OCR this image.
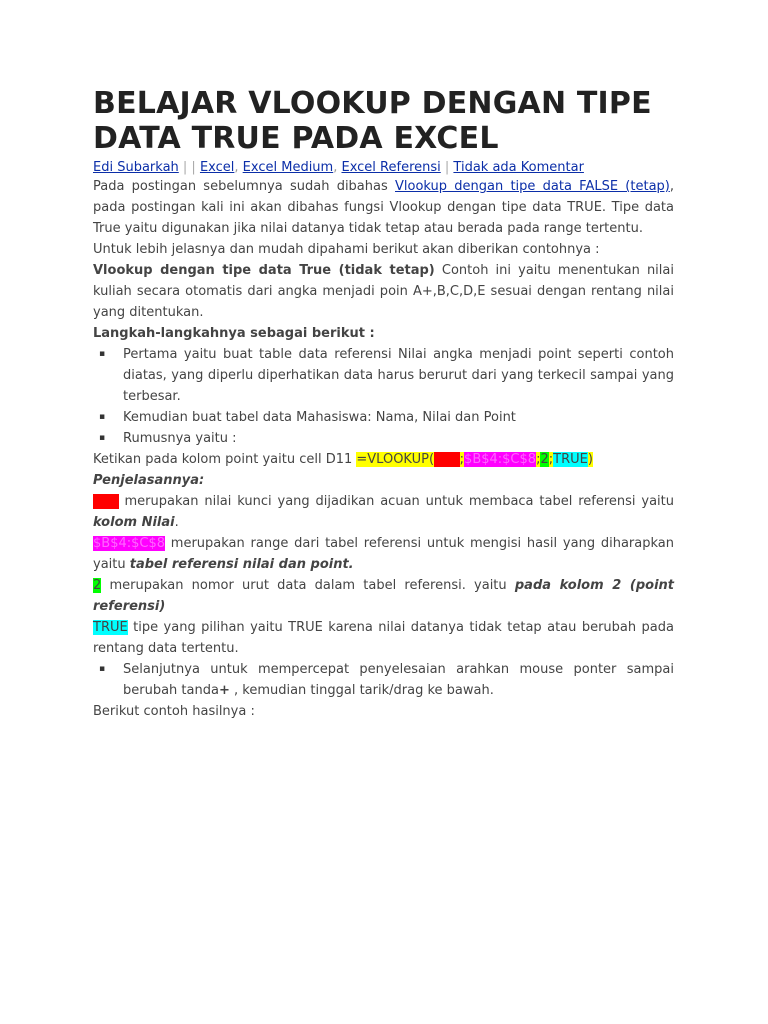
BELAJAR VLOOKUP DENGAN TIPE DATA TRUE PADA EXCEL
Edi Subarkah | | Excel, Excel Medium, Excel Referensi | Tidak ada Komentar

Pada postingan sebelumnya sudah dibahas Vlookup dengan tipe data FALSE (tetap), pada postingan kali ini akan dibahas fungsi Vlookup dengan tipe data TRUE. Tipe data True yaitu digunakan jika nilai datanya tidak tetap atau berada pada range tertentu.

Untuk lebih jelasnya dan mudah dipahami berikut akan diberikan contohnya :

Vlookup dengan tipe data True (tidak tetap) Contoh ini yaitu menentukan nilai kuliah secara otomatis dari angka menjadi poin A+,B,C,D,E sesuai dengan rentang nilai yang ditentukan.

Langkah-langkahnya sebagai berikut :

▪ Pertama yaitu buat table data referensi Nilai angka menjadi point seperti contoh diatas, yang diperlu diperhatikan data harus berurut dari yang terkecil sampai yang terbesar.
▪ Kemudian buat tabel data Mahasiswa: Nama, Nilai dan Point
▪ Rumusnya yaitu :

Ketikan pada kolom point yaitu cell D11 =VLOOKUP(C11;$B$4:$C$8;2;TRUE)

Penjelasannya:

C11 merupakan nilai kunci yang dijadikan acuan untuk membaca tabel referensi yaitu kolom Nilai.

$B$4:$C$8 merupakan range dari tabel referensi untuk mengisi hasil yang diharapkan yaitu tabel referensi nilai dan point.

2 merupakan nomor urut data dalam tabel referensi. yaitu pada kolom 2 (point referensi)

TRUE tipe yang pilihan yaitu TRUE karena nilai datanya tidak tetap atau berubah pada rentang data tertentu.

▪ Selanjutnya untuk mempercepat penyelesaian arahkan mouse ponter sampai berubah tanda+ , kemudian tinggal tarik/drag ke bawah.

Berikut contoh hasilnya :
